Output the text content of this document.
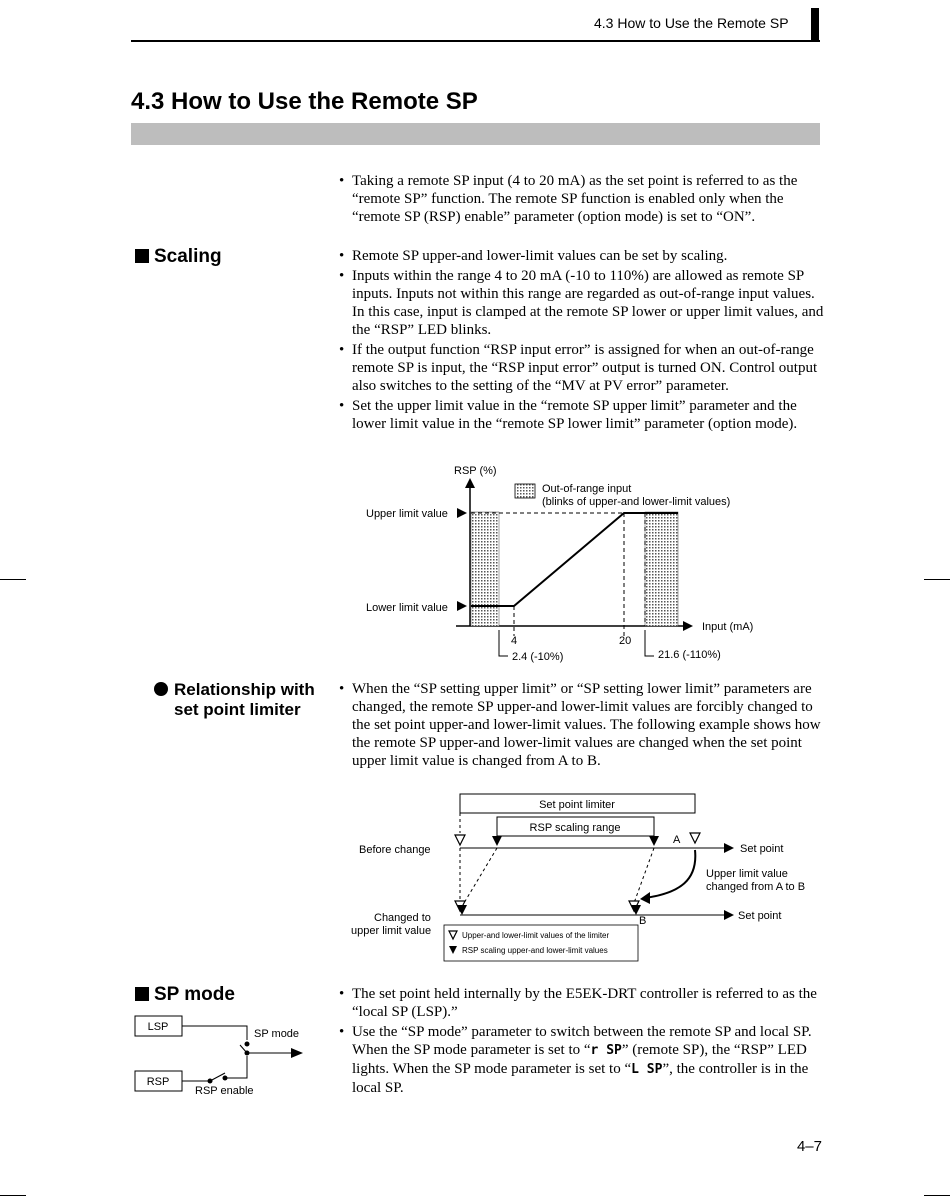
4.3 How to Use the Remote SP
4.3 How to Use the Remote SP
• Taking a remote SP input (4 to 20 mA) as the set point is referred to as the “remote SP” function. The remote SP function is enabled only when the “remote SP (RSP) enable” parameter (option mode) is set to “ON”.
Scaling
•	Remote SP upper-and lower-limit values can be set by scaling.
• Inputs within the range 4 to 20 mA (-10 to 110%) are allowed as remote SP inputs. Inputs not within this range are regarded as out-of-range input values. In this case, input is clamped at the remote SP lower or upper limit values, and the “RSP” LED blinks.
• If the output function “RSP input error” is assigned for when an out-of-range remote SP is input, the “RSP input error” output is turned ON. Control output also switches to the setting of the “MV at PV error” parameter.
• Set the upper limit value in the “remote SP upper limit” parameter and the lower limit value in the “remote SP lower limit” parameter (option mode).
RSP (%)
Input (mA)
Out-of-range input
(blinks of upper-and lower-limit values)
Upper limit value
Lower limit value
4	20
2.4 (-10%)	21.6 (-110%)
Relationship with
set point limiter
• When the “SP setting upper limit” or “SP setting lower limit” parameters are changed, the remote SP upper-and lower-limit values are forcibly changed to the set point upper-and lower-limit values. The following example shows how the remote SP upper-and lower-limit values are changed when the set point upper limit value is changed from A to B.
Set point limiter
RSP scaling range
Before change	Set point
A
Upper limit value
changed from A to B
Changed to
upper limit value
Set point
B
Upper-and lower-limit values of the limiter
RSP scaling upper-and lower-limit values
SP mode
LSP
RSP
SP mode
RSP enable
• The set point held internally by the E5EK-DRT controller is referred to as the “local SP (LSP).”
• Use the “SP mode” parameter to switch between the remote SP and local SP. When the SP mode parameter is set to “r SP” (remote SP), the “RSP” LED lights. When the SP mode parameter is set to “L SP”, the controller is in the local SP.
4–7
